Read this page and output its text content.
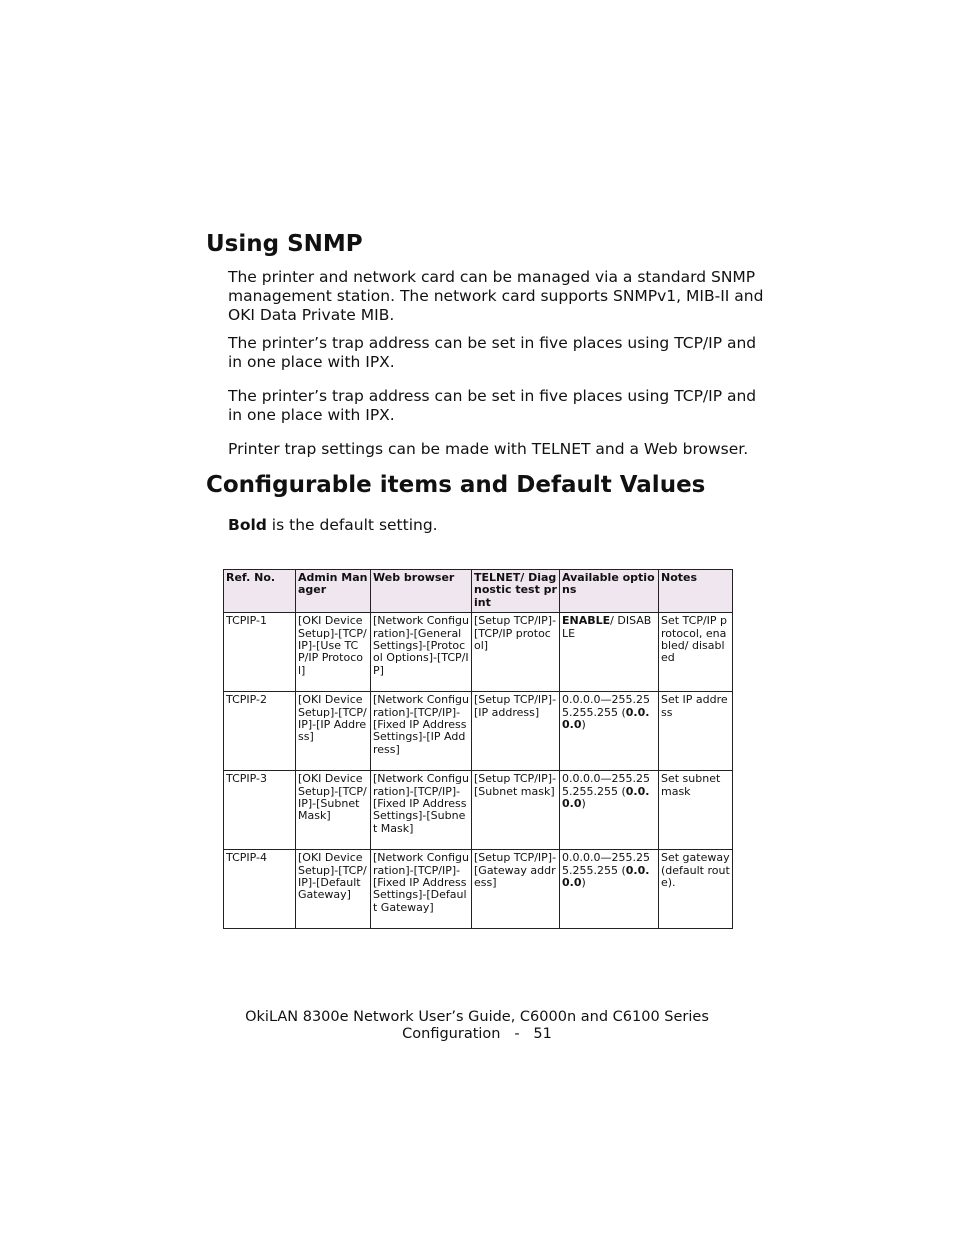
Using SNMP

The printer and network card can be managed via a standard SNMP management station. The network card supports SNMPv1, MIB-II and OKI Data Private MIB.

The printer’s trap address can be set in five places using TCP/IP and in one place with IPX.

The printer’s trap address can be set in five places using TCP/IP and in one place with IPX.

Printer trap settings can be made with TELNET and a Web browser.

Configurable items and Default Values

Bold is the default setting.

Ref. No.	Admin Manager	Web browser	TELNET/ Diagnostic test print	Available options	Notes
TCPIP-1	[OKI Device Setup]-[TCP/IP]-[Use TCP/IP Protocol]	[Network Configuration]-[General Settings]-[Protocol Options]-[TCP/IP]	[Setup TCP/IP]-[TCP/IP protocol]	ENABLE/ DISABLE	Set TCP/IP protocol, enabled/ disabled
TCPIP-2	[OKI Device Setup]-[TCP/IP]-[IP Address]	[Network Configuration]-[TCP/IP]-[Fixed IP Address Settings]-[IP Address]	[Setup TCP/IP]-[IP address]	0.0.0.0—255.255.255.255 (0.0.0.0)	Set IP address
TCPIP-3	[OKI Device Setup]-[TCP/IP]-[Subnet Mask]	[Network Configuration]-[TCP/IP]-[Fixed IP Address Settings]-[Subnet Mask]	[Setup TCP/IP]-[Subnet mask]	0.0.0.0—255.255.255.255 (0.0.0.0)	Set subnet mask
TCPIP-4	[OKI Device Setup]-[TCP/IP]-[Default Gateway]	[Network Configuration]-[TCP/IP]-[Fixed IP Address Settings]-[Default Gateway]	[Setup TCP/IP]-[Gateway address]	0.0.0.0—255.255.255.255 (0.0.0.0)	Set gateway (default route).
OkiLAN 8300e Network User’s Guide, C6000n and C6100 Series
Configuration   -   51
